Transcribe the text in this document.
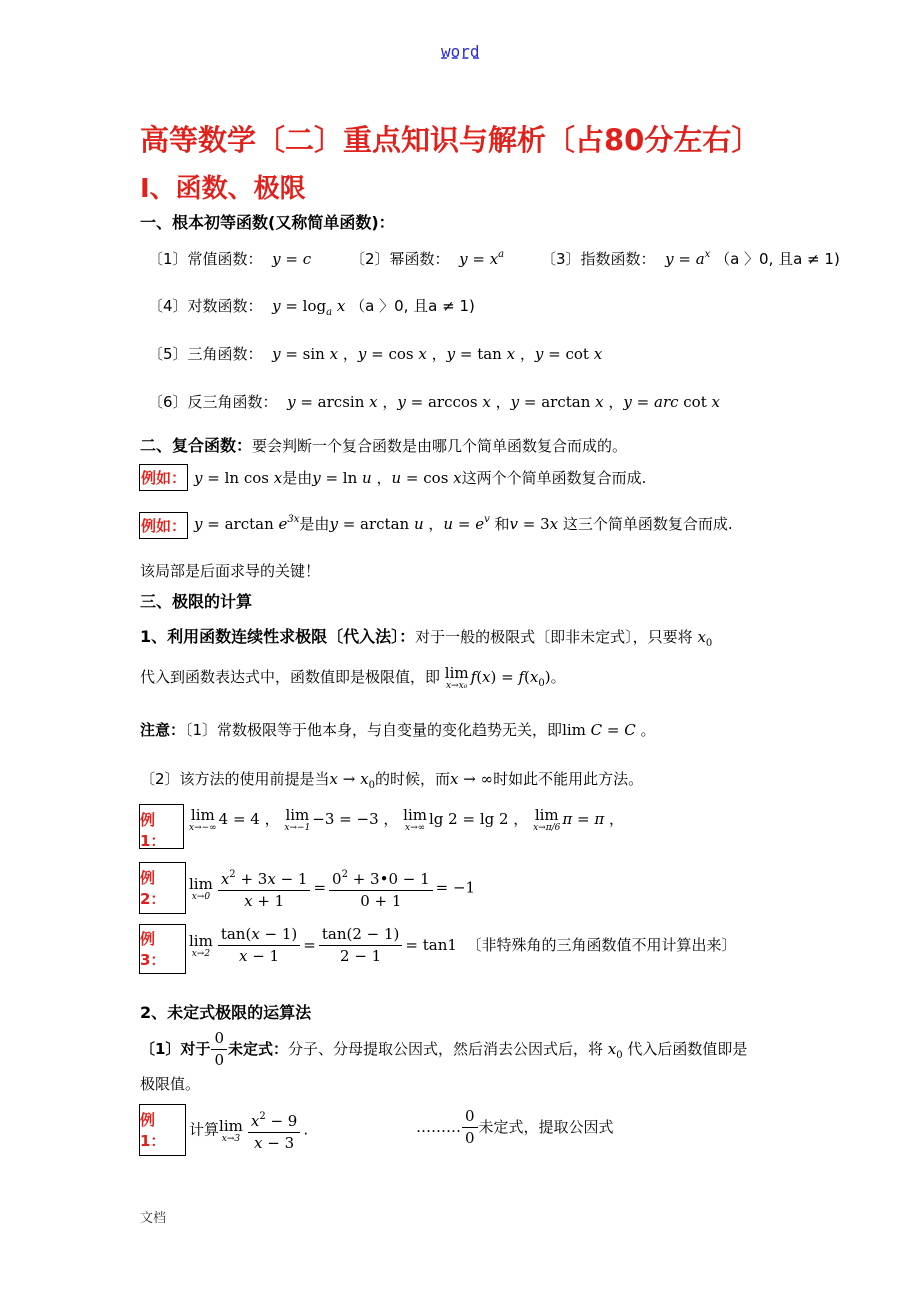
word
高等数学〔二〕重点知识与解析〔占80分左右〕
Ⅰ、函数、极限
一、根本初等函数(又称简单函数)：
〔1〕常值函数： y = c	〔2〕幂函数： $y = x^a$ 〔3〕指数函数： $y = a^x$ （a 〉0, 且a ≠ 1)
〔4〕对数函数： $y = \log_a x$ （a 〉0, 且a ≠ 1)
〔5〕三角函数： y = sin x ，y = cos x ，y = tan x ，y = cot x
〔6〕反三角函数： y = arcsin x ，y = arccos x ，y = arctan x ，y = arc cot x
二、复合函数：要会判断一个复合函数是由哪几个简单函数复合而成的。
例如： y = ln cos x是由y = ln u ，u = cos x这两个个简单函数复合而成.
例如： $y = \arctan e^{3x}$是由y = arctan u ，$u = e^v$ 和v = 3x 这三个简单函数复合而成.
该局部是后面求导的关键！
三、极限的计算
1、利用函数连续性求极限〔代入法〕：对于一般的极限式〔即非未定式〕，只要将 $x_0$
代入到函数表达式中，函数值即是极限值，即 lim
x→x₀ $f(x) = f(x_0)$。
注意：〔1〕常数极限等于他本身，与自变量的变化趋势无关，即lim C = C 。
〔2〕该方法的使用前提是当$x \to x_0$的时候，而x → ∞时如此不能用此方法。
例 1：
lim
x→−∞ 4 = 4 ， lim
x→−1 −3 = −3 ， lim
x→∞ lg 2 = lg 2 ， lim
x→π/6 π = π ，
例 2：
lim
$x\to 0 \frac{x^2 + 3x - 1}{x + 1} = \frac{0^2 + 3•0 - 1}{0 + 1} = -1$
例 3：
lim
$x\to 2 \frac{\tan(x - 1)}{x - 1} = \frac{\tan(2 - 1)}{2 - 1} = \tan 1$ 〔非特殊角的三角函数值不用计算出来〕
2、未定式极限的运算法
〔1〕对于 $\frac{0}{0}$ 未定式：分子、分母提取公因式，然后消去公因式后，将 $x_0$ 代入后函数值即是
极限值。
例 1：
计算 lim
$x\to 3 \frac{x^2 - 9}{x - 3}$ .	……… $\frac{0}{0}$ 未定式，提取公因式
文档
